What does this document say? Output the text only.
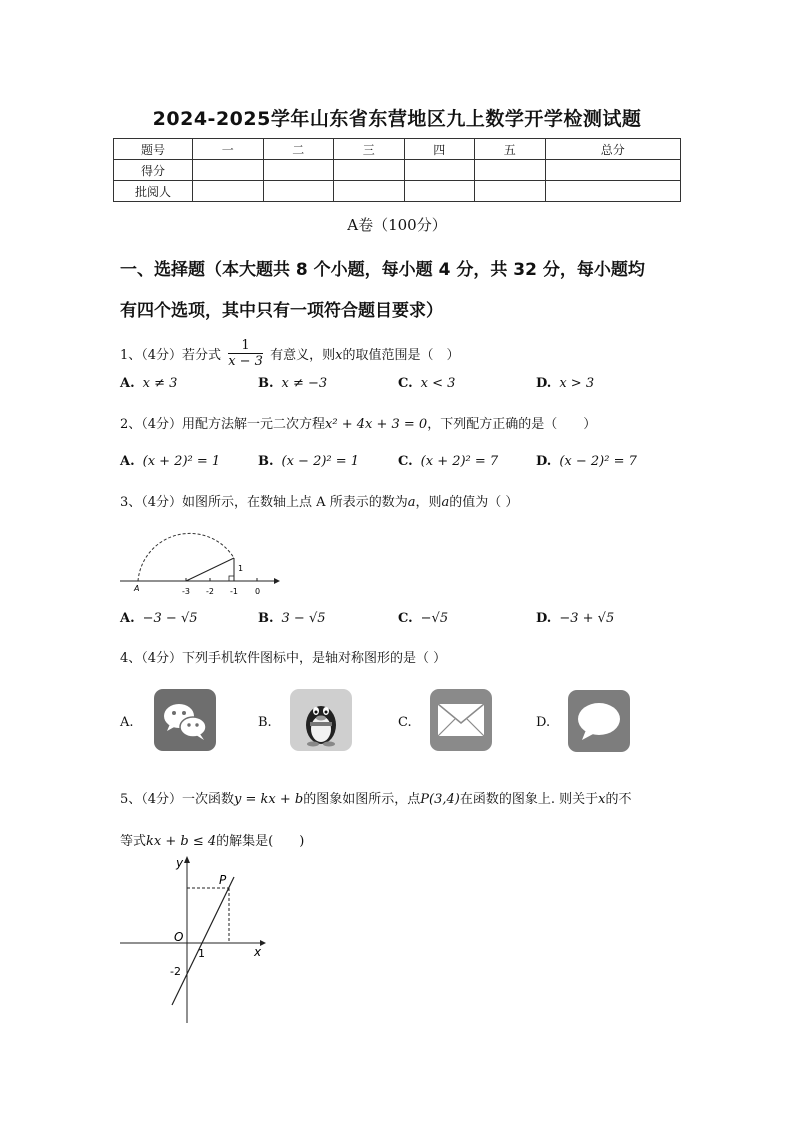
2024-2025学年山东省东营地区九上数学开学检测试题
题号	一	二	三	四	五	总分
得分						
批阅人						
A卷（100分）
一、选择题（本大题共 8 个小题，每小题 4 分，共 32 分，每小题均
有四个选项，其中只有一项符合题目要求）
1、（4分）若分式 $\frac{1}{x - 3}$ 有意义，则x的取值范围是（　）
A. x ≠ 3	B. x ≠ −3	C. x < 3	D. x > 3
2、（4分）用配方法解一元二次方程x² + 4x + 3 = 0，下列配方正确的是（　　）
A. (x + 2)² = 1	B. (x − 2)² = 1	C. (x + 2)² = 7	D. (x − 2)² = 7
3、（4分）如图所示，在数轴上点 A 所表示的数为a，则a的值为（ ）
A	-3 -2 -1 0
1
A. −3 − √5	B. 3 − √5	C. −√5	D. −3 + √5
4、（4分）下列手机软件图标中，是轴对称图形的是（ ）
A.	B.	C.	D.
5、（4分）一次函数y = kx + b的图象如图所示，点P(3,4)在函数的图象上. 则关于x的不
等式kx + b ≤ 4的解集是(　　)
y
x
O
P
1
-2
